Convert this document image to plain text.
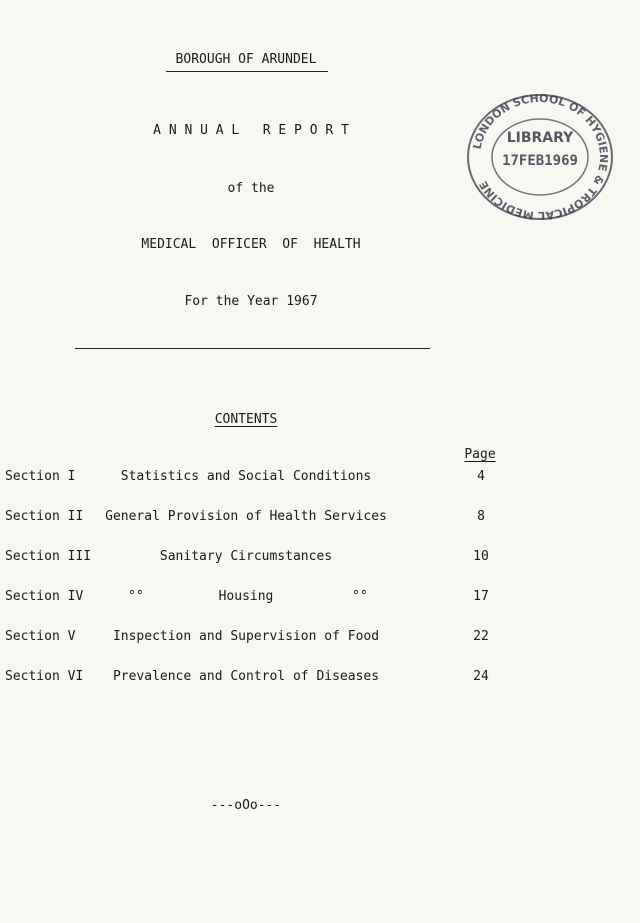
BOROUGH OF ARUNDEL
A N N U A L   R E P O R T
of the
MEDICAL  OFFICER  OF  HEALTH
For the Year 1967
LONDON SCHOOL OF HYGIENE & TROPICAL MEDICINE
LIBRARY
17FEB1969
CONTENTS
Page
Section I	Statistics and Social Conditions	4
Section II General Provision of Health Services	8
Section III	Sanitary Circumstances	10
Section IV	°°	Housing	°°	17
Section V	Inspection and Supervision of Food	22
Section VI Prevalence and Control of Diseases	24
---oOo---
